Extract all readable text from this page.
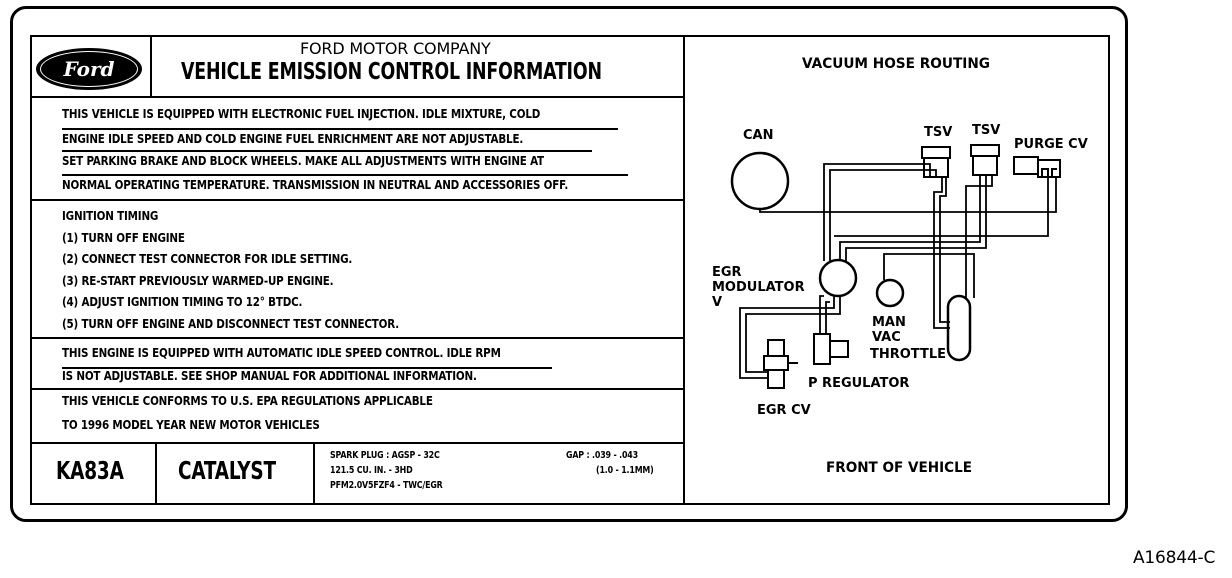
Ford
FORD MOTOR COMPANY
VEHICLE EMISSION CONTROL INFORMATION
THIS VEHICLE IS EQUIPPED WITH ELECTRONIC FUEL INJECTION. IDLE MIXTURE, COLD
ENGINE IDLE SPEED AND COLD ENGINE FUEL ENRICHMENT ARE NOT ADJUSTABLE.
SET PARKING BRAKE AND BLOCK WHEELS. MAKE ALL ADJUSTMENTS WITH ENGINE AT
NORMAL OPERATING TEMPERATURE. TRANSMISSION IN NEUTRAL AND ACCESSORIES OFF.
IGNITION TIMING
(1) TURN OFF ENGINE
(2) CONNECT TEST CONNECTOR FOR IDLE SETTING.
(3) RE-START PREVIOUSLY WARMED-UP ENGINE.
(4) ADJUST IGNITION TIMING TO 12° BTDC.
(5) TURN OFF ENGINE AND DISCONNECT TEST CONNECTOR.
THIS ENGINE IS EQUIPPED WITH AUTOMATIC IDLE SPEED CONTROL. IDLE RPM
IS NOT ADJUSTABLE. SEE SHOP MANUAL FOR ADDITIONAL INFORMATION.
THIS VEHICLE CONFORMS TO U.S. EPA REGULATIONS APPLICABLE
TO 1996 MODEL YEAR NEW MOTOR VEHICLES
KA83A CATALYST
SPARK PLUG : AGSP - 32C
121.5 CU. IN. - 3HD
PFM2.0V5FZF4 - TWC/EGR
GAP : .039 - .043
(1.0 - 1.1MM)
VACUUM HOSE ROUTING
CAN	TSV TSV
PURGE CV
EGR
MODULATOR
V
MAN
VAC
THROTTLE
P REGULATOR
EGR CV
FRONT OF VEHICLE
A16844-C
